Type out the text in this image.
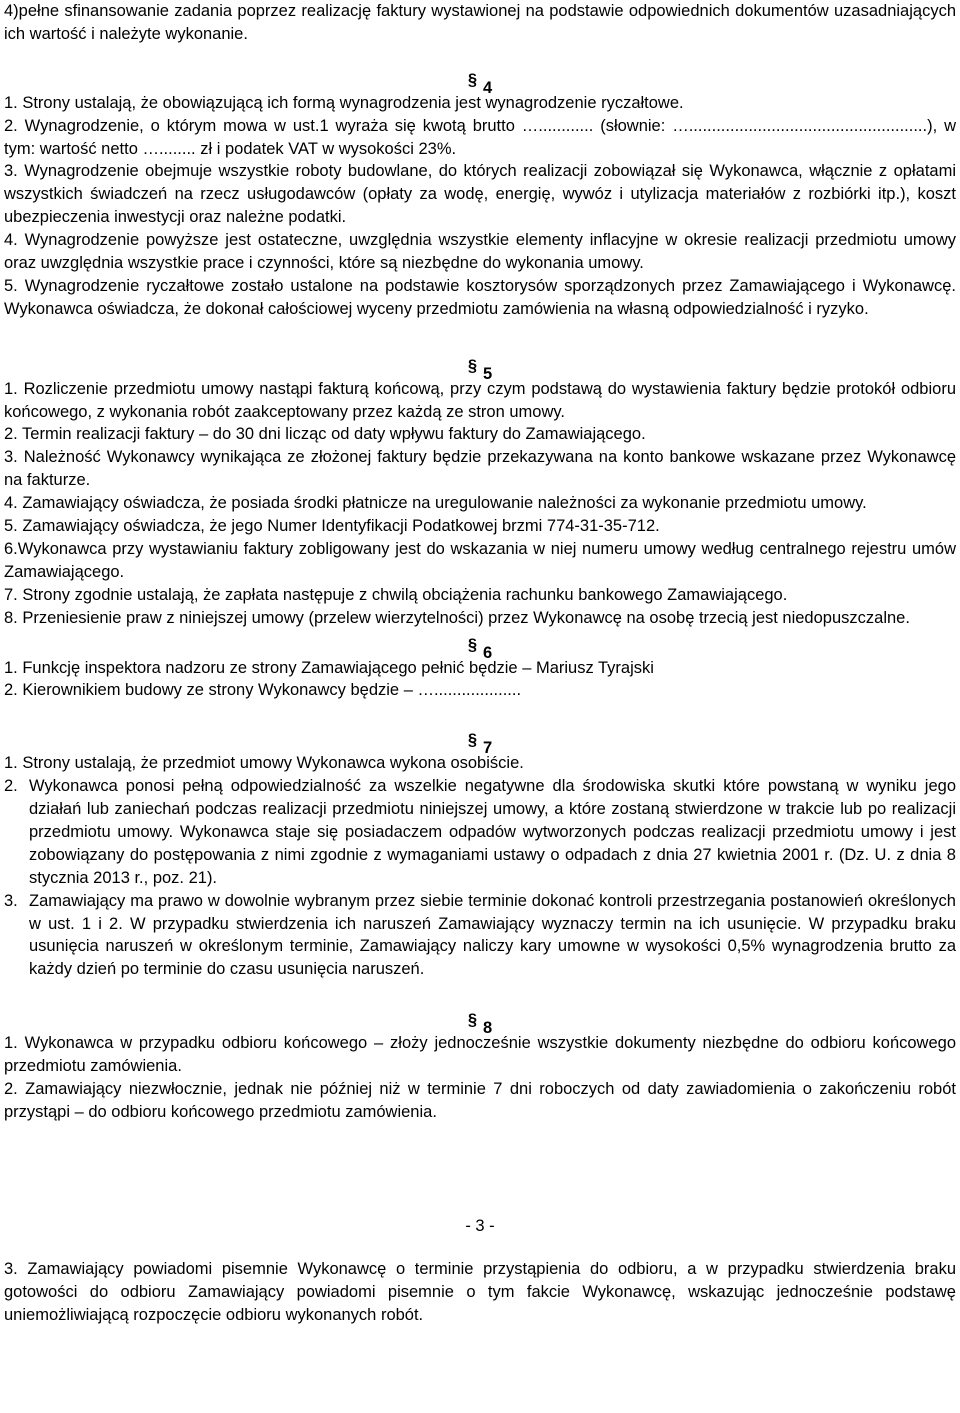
4)pełne sfinansowanie zadania poprzez realizację faktury wystawionej na podstawie odpowiednich dokumentów uzasadniających ich wartość i należyte wykonanie.

§ 4

1. Strony ustalają, że obowiązującą ich formą wynagrodzenia jest wynagrodzenie ryczałtowe.

2. Wynagrodzenie, o którym mowa w ust.1 wyraża się kwotą brutto …............ (słownie: …....................................................), w tym: wartość netto …........ zł i podatek VAT w wysokości 23%.

3. Wynagrodzenie obejmuje wszystkie roboty budowlane, do których realizacji zobowiązał się Wykonawca, włącznie z opłatami wszystkich świadczeń na rzecz usługodawców (opłaty za wodę, energię, wywóz i utylizacja materiałów z rozbiórki itp.), koszt ubezpieczenia inwestycji oraz należne podatki.

4. Wynagrodzenie powyższe jest ostateczne, uwzględnia wszystkie elementy inflacyjne w okresie realizacji przedmiotu umowy oraz uwzględnia wszystkie prace i czynności, które są niezbędne do wykonania umowy.

5. Wynagrodzenie ryczałtowe zostało ustalone na podstawie kosztorysów sporządzonych przez Zamawiającego i Wykonawcę. Wykonawca oświadcza, że dokonał całościowej wyceny przedmiotu zamówienia na własną odpowiedzialność i ryzyko.

§ 5

1. Rozliczenie przedmiotu umowy nastąpi fakturą końcową, przy czym podstawą do wystawienia faktury będzie protokół odbioru końcowego, z wykonania robót zaakceptowany przez każdą ze stron umowy.

2. Termin realizacji faktury – do 30 dni licząc od daty wpływu faktury do Zamawiającego.

3. Należność Wykonawcy wynikająca ze złożonej faktury będzie przekazywana na konto bankowe wskazane przez Wykonawcę na fakturze.

4. Zamawiający oświadcza, że posiada środki płatnicze na uregulowanie należności za wykonanie przedmiotu umowy.

5. Zamawiający oświadcza, że jego Numer Identyfikacji Podatkowej brzmi 774-31-35-712.

6.Wykonawca przy wystawianiu faktury zobligowany jest do wskazania w niej numeru umowy według centralnego rejestru umów Zamawiającego.

7. Strony zgodnie ustalają, że zapłata następuje z chwilą obciążenia rachunku bankowego Zamawiającego.

8. Przeniesienie praw z niniejszej umowy (przelew wierzytelności) przez Wykonawcę na osobę trzecią jest niedopuszczalne.

§ 6

1. Funkcję inspektora nadzoru ze strony Zamawiającego pełnić będzie – Mariusz Tyrajski

2. Kierownikiem budowy ze strony Wykonawcy będzie – …...................

§ 7

1. Strony ustalają, że przedmiot umowy Wykonawca wykona osobiście.

2. Wykonawca ponosi pełną odpowiedzialność za wszelkie negatywne dla środowiska skutki które powstaną w wyniku jego działań lub zaniechań podczas realizacji przedmiotu niniejszej umowy, a które zostaną stwierdzone w trakcie lub po realizacji przedmiotu umowy. Wykonawca staje się posiadaczem odpadów wytworzonych podczas realizacji przedmiotu umowy i jest zobowiązany do postępowania z nimi zgodnie z wymaganiami ustawy o odpadach z dnia 27 kwietnia 2001 r. (Dz. U. z dnia 8 stycznia 2013 r., poz. 21).
3. Zamawiający ma prawo w dowolnie wybranym przez siebie terminie dokonać kontroli przestrzegania postanowień określonych w ust. 1 i 2. W przypadku stwierdzenia ich naruszeń Zamawiający wyznaczy termin na ich usunięcie. W przypadku braku usunięcia naruszeń w określonym terminie, Zamawiający naliczy kary umowne w wysokości 0,5% wynagrodzenia brutto za każdy dzień po terminie do czasu usunięcia naruszeń.
§ 8

1. Wykonawca w przypadku odbioru końcowego – złoży jednocześnie wszystkie dokumenty niezbędne do odbioru końcowego przedmiotu zamówienia.

2. Zamawiający niezwłocznie, jednak nie później niż w terminie 7 dni roboczych od daty zawiadomienia o zakończeniu robót przystąpi – do odbioru końcowego przedmiotu zamówienia.

- 3 -

3. Zamawiający powiadomi pisemnie Wykonawcę o terminie przystąpienia do odbioru, a w przypadku stwierdzenia braku gotowości do odbioru Zamawiający powiadomi pisemnie o tym fakcie Wykonawcę, wskazując jednocześnie podstawę uniemożliwiającą rozpoczęcie odbioru wykonanych robót.
